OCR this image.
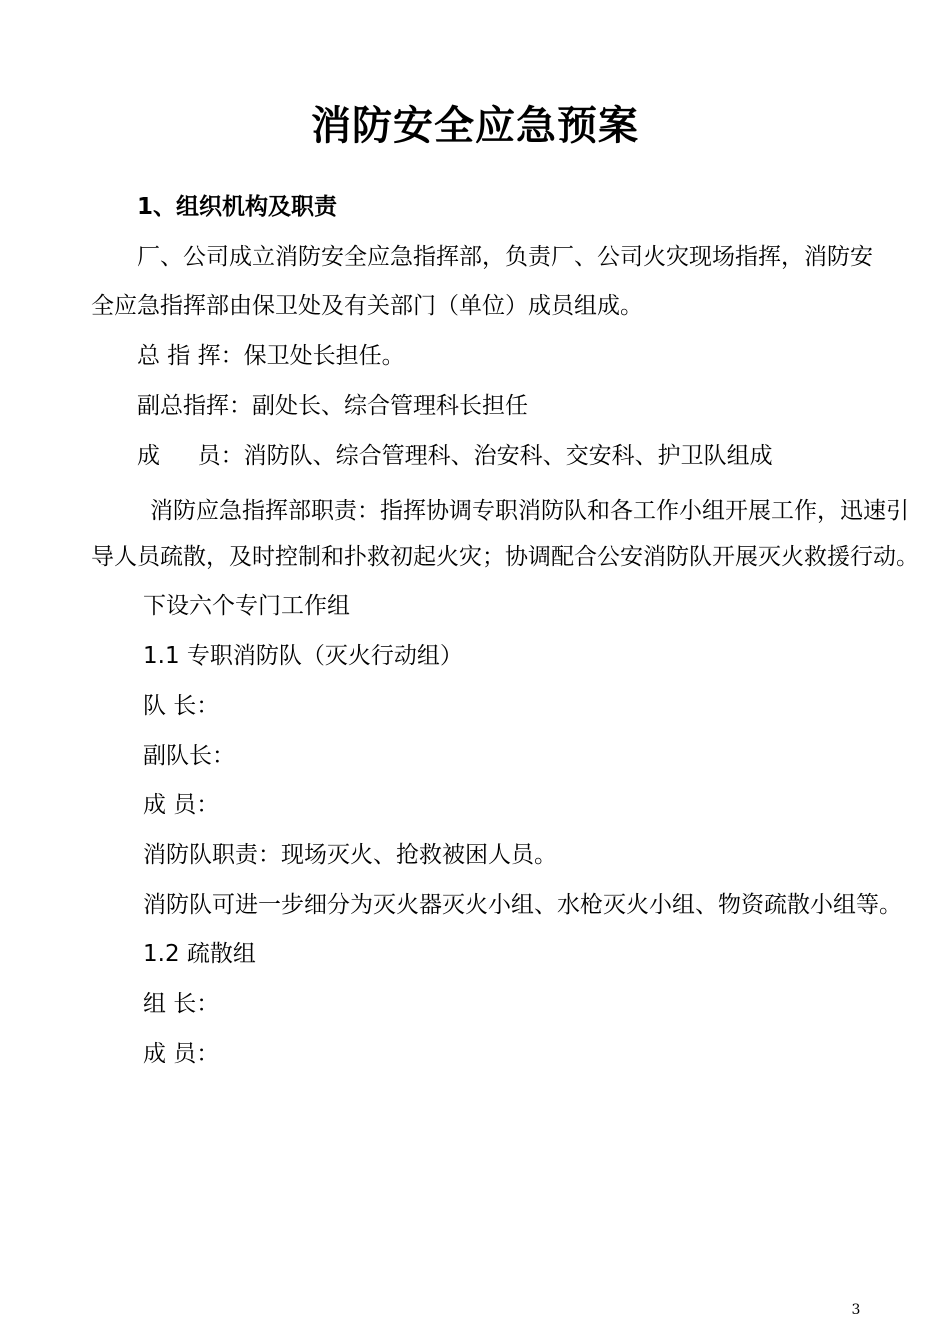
消防安全应急预案
1、组织机构及职责
厂、公司成立消防安全应急指挥部，负责厂、公司火灾现场指挥，消防安
全应急指挥部由保卫处及有关部门（单位）成员组成。
总 指 挥：保卫处长担任。
副总指挥：副处长、综合管理科长担任
成 　 员：消防队、综合管理科、治安科、交安科、护卫队组成
消防应急指挥部职责：指挥协调专职消防队和各工作小组开展工作，迅速引
导人员疏散，及时控制和扑救初起火灾；协调配合公安消防队开展灭火救援行动。
下设六个专门工作组
1.1 专职消防队（灭火行动组）
队 长：
副队长：
成 员：
消防队职责：现场灭火、抢救被困人员。
消防队可进一步细分为灭火器灭火小组、水枪灭火小组、物资疏散小组等。
1.2 疏散组
组 长：
成 员：
3
